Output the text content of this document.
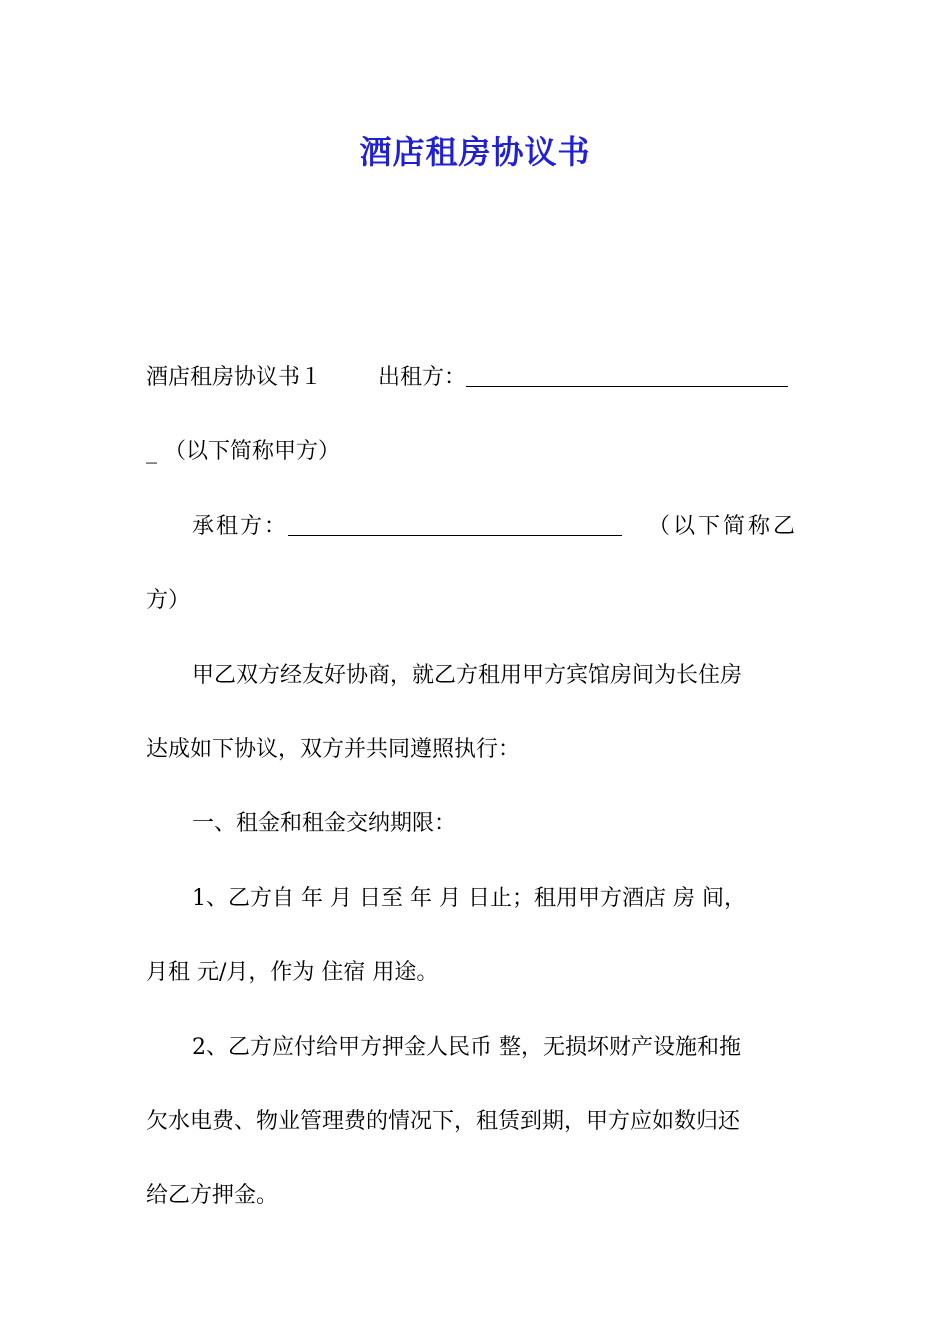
酒店租房协议书

酒店租房协议书１	出租方：

_ （以下简称甲方）

承租方：	（以下简称乙

方）

甲乙双方经友好协商，就乙方租用甲方宾馆房间为长住房

达成如下协议，双方并共同遵照执行：

一、租金和租金交纳期限：

1、乙方自 年 月 日至 年 月 日止；租用甲方酒店 房 间，

月租 元/月，作为 住宿 用途。

2、乙方应付给甲方押金人民币 整，无损坏财产设施和拖

欠水电费、物业管理费的情况下，租赁到期，甲方应如数归还

给乙方押金。
